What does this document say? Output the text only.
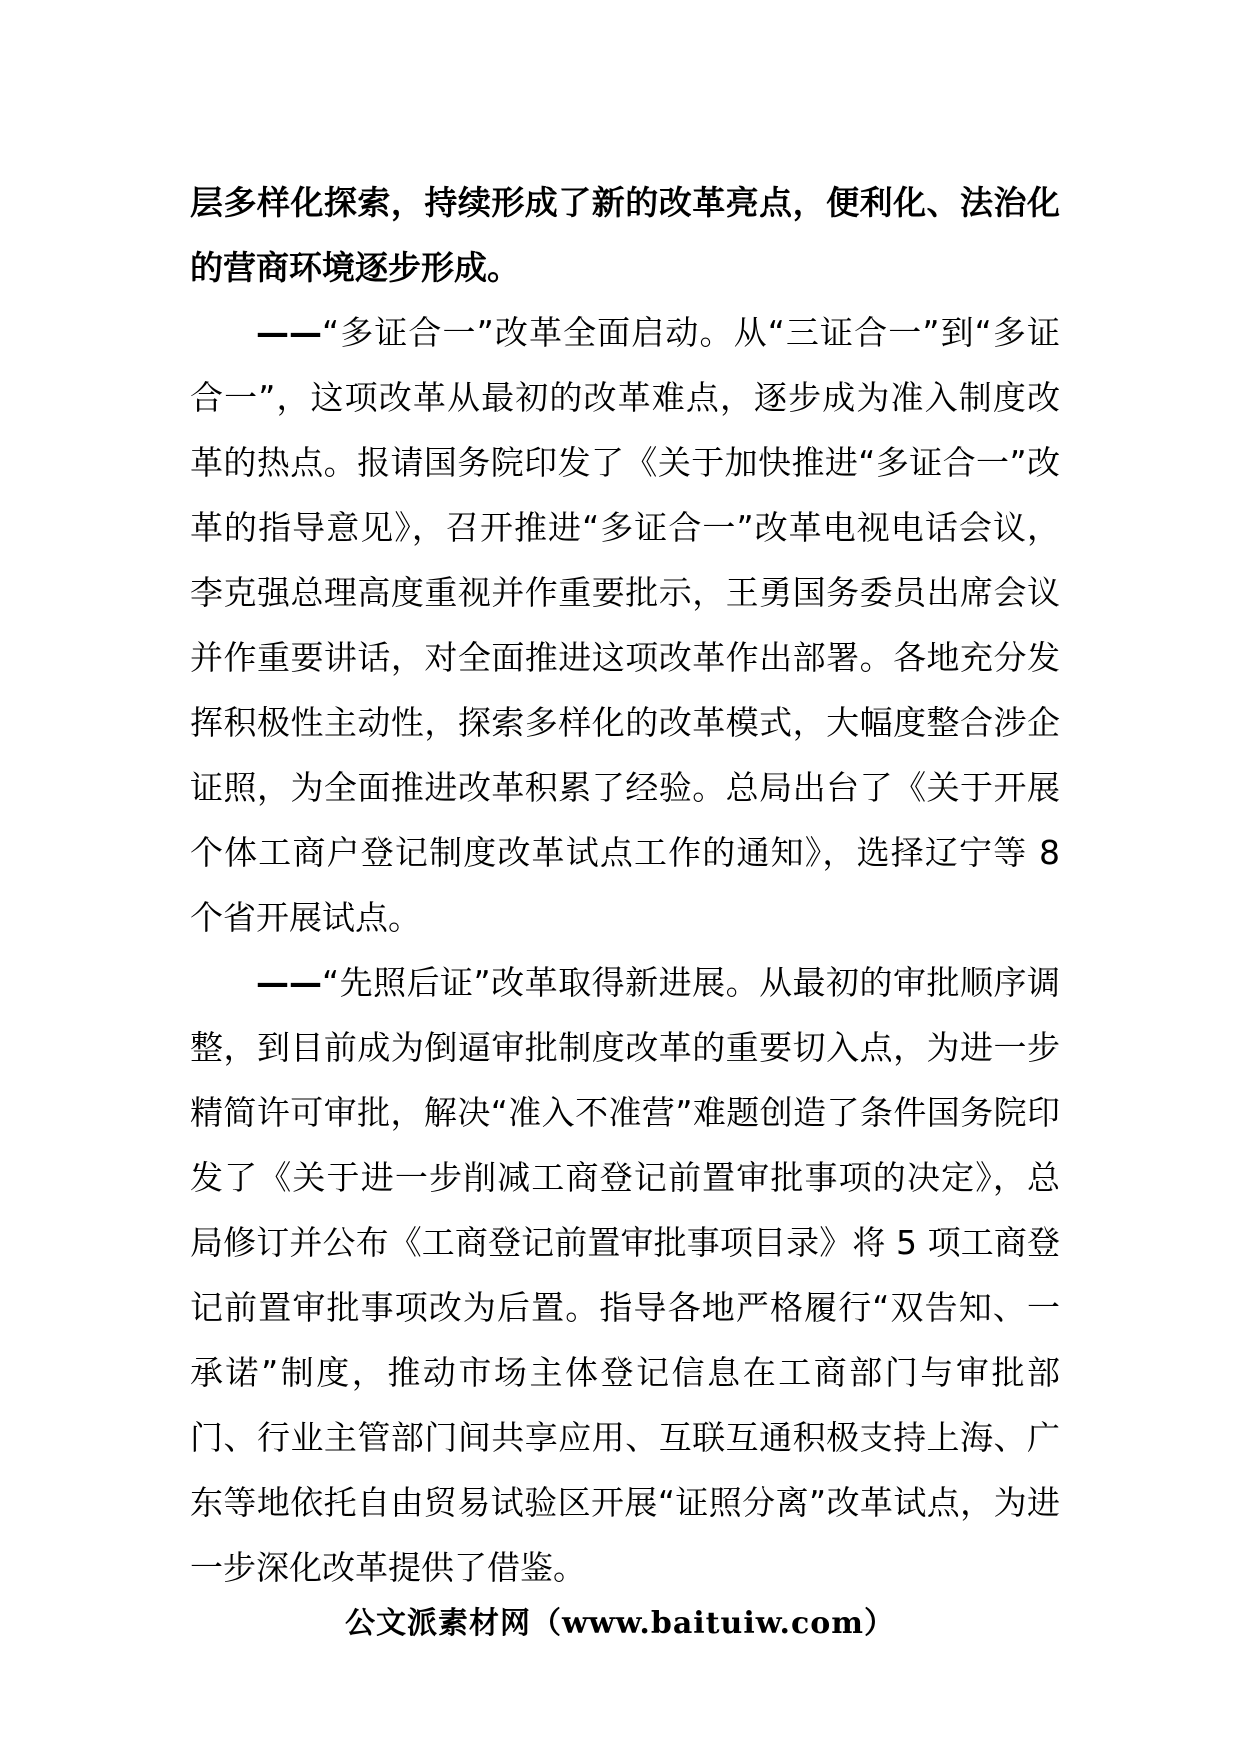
层多样化探索，持续形成了新的改革亮点，便利化、法治化的营商环境逐步形成。

——“多证合一”改革全面启动。从“三证合一”到“多证合一”，这项改革从最初的改革难点，逐步成为准入制度改革的热点。报请国务院印发了《关于加快推进“多证合一”改革的指导意见》，召开推进“多证合一”改革电视电话会议，李克强总理高度重视并作重要批示，王勇国务委员出席会议并作重要讲话，对全面推进这项改革作出部署。各地充分发挥积极性主动性，探索多样化的改革模式，大幅度整合涉企证照，为全面推进改革积累了经验。总局出台了《关于开展个体工商户登记制度改革试点工作的通知》，选择辽宁等 8 个省开展试点。

——“先照后证”改革取得新进展。从最初的审批顺序调整，到目前成为倒逼审批制度改革的重要切入点，为进一步精简许可审批，解决“准入不准营”难题创造了条件国务院印发了《关于进一步削减工商登记前置审批事项的决定》，总局修订并公布《工商登记前置审批事项目录》将 5 项工商登记前置审批事项改为后置。指导各地严格履行“双告知、一承诺”制度，推动市场主体登记信息在工商部门与审批部门、行业主管部门间共享应用、互联互通积极支持上海、广东等地依托自由贸易试验区开展“证照分离”改革试点，为进一步深化改革提供了借鉴。

公文派素材网（www.baituiw.com）
